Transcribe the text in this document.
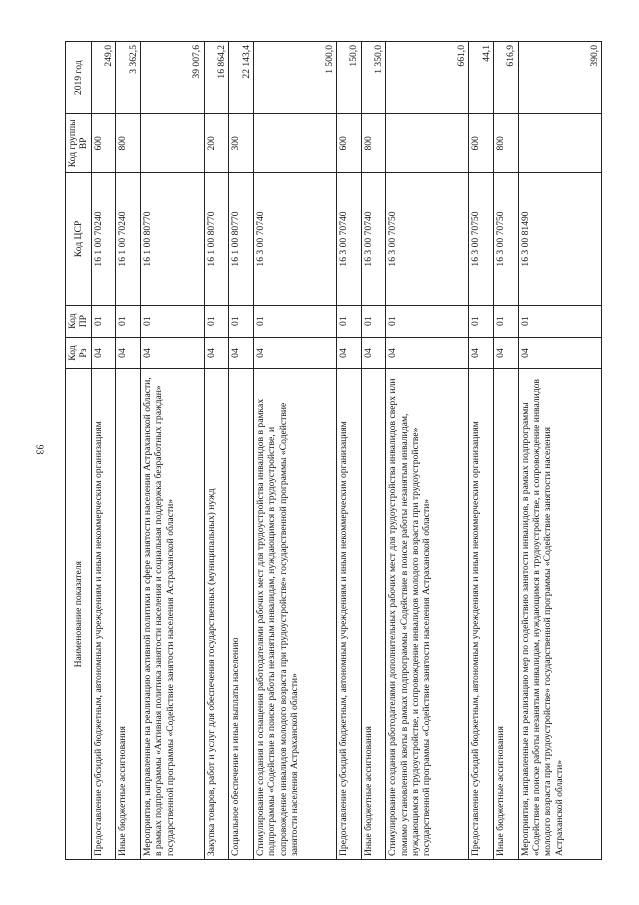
93
Наименование показателя	Код Рз	Код ПР	Код ЦСР	Код группы ВР	2019 год
Предоставление субсидий бюджетным, автономным учреждениям и иным некоммерческим организациям	04	01	16 1 00 70240	600	249,0
Иные бюджетные ассигнования	04	01	16 1 00 70240	800	3 362,5
Мероприятия, направленные на реализацию активной политики в сфере занятости населения Астраханской области, в рамках подпрограммы «Активная политика занятости населения и социальная поддержка безработных граждан» государственной программы «Содействие занятости населения Астраханской области»	04	01	16 1 00 80770		39 007,6
Закупка товаров, работ и услуг для обеспечения государственных (муниципальных) нужд	04	01	16 1 00 80770	200	16 864,2
Социальное обеспечение и иные выплаты населению	04	01	16 1 00 80770	300	22 143,4
Стимулирование создания и оснащения работодателями рабочих мест для трудоустройства инвалидов в рамках подпрограммы «Содействие в поиске работы незанятым инвалидам, нуждающимся в трудоустройстве, и сопровождение инвалидов молодого возраста при трудоустройстве» государственной программы «Содействие занятости населения Астраханской области»	04	01	16 3 00 70740		1 500,0
Предоставление субсидий бюджетным, автономным учреждениям и иным некоммерческим организациям	04	01	16 3 00 70740	600	150,0
Иные бюджетные ассигнования	04	01	16 3 00 70740	800	1 350,0
Стимулирование создания работодателями дополнительных рабочих мест для трудоустройства инвалидов сверх или помимо установленной квоты в рамках подпрограммы «Содействие в поиске работы незанятым инвалидам, нуждающимся в трудоустройстве, и сопровождение инвалидов молодого возраста при трудоустройстве» государственной программы «Содействие занятости населения Астраханской области»	04	01	16 3 00 70750		661,0
Предоставление субсидий бюджетным, автономным учреждениям и иным некоммерческим организациям	04	01	16 3 00 70750	600	44,1
Иные бюджетные ассигнования	04	01	16 3 00 70750	800	616,9
Мероприятия, направленные на реализацию мер по содействию занятости инвалидов, в рамках подпрограммы «Содействие в поиске работы незанятым инвалидам, нуждающимся в трудоустройстве, и сопровождение инвалидов молодого возраста при трудоустройстве» государственной программы «Содействие занятости населения Астраханской области»	04	01	16 3 00 81490		390,0
